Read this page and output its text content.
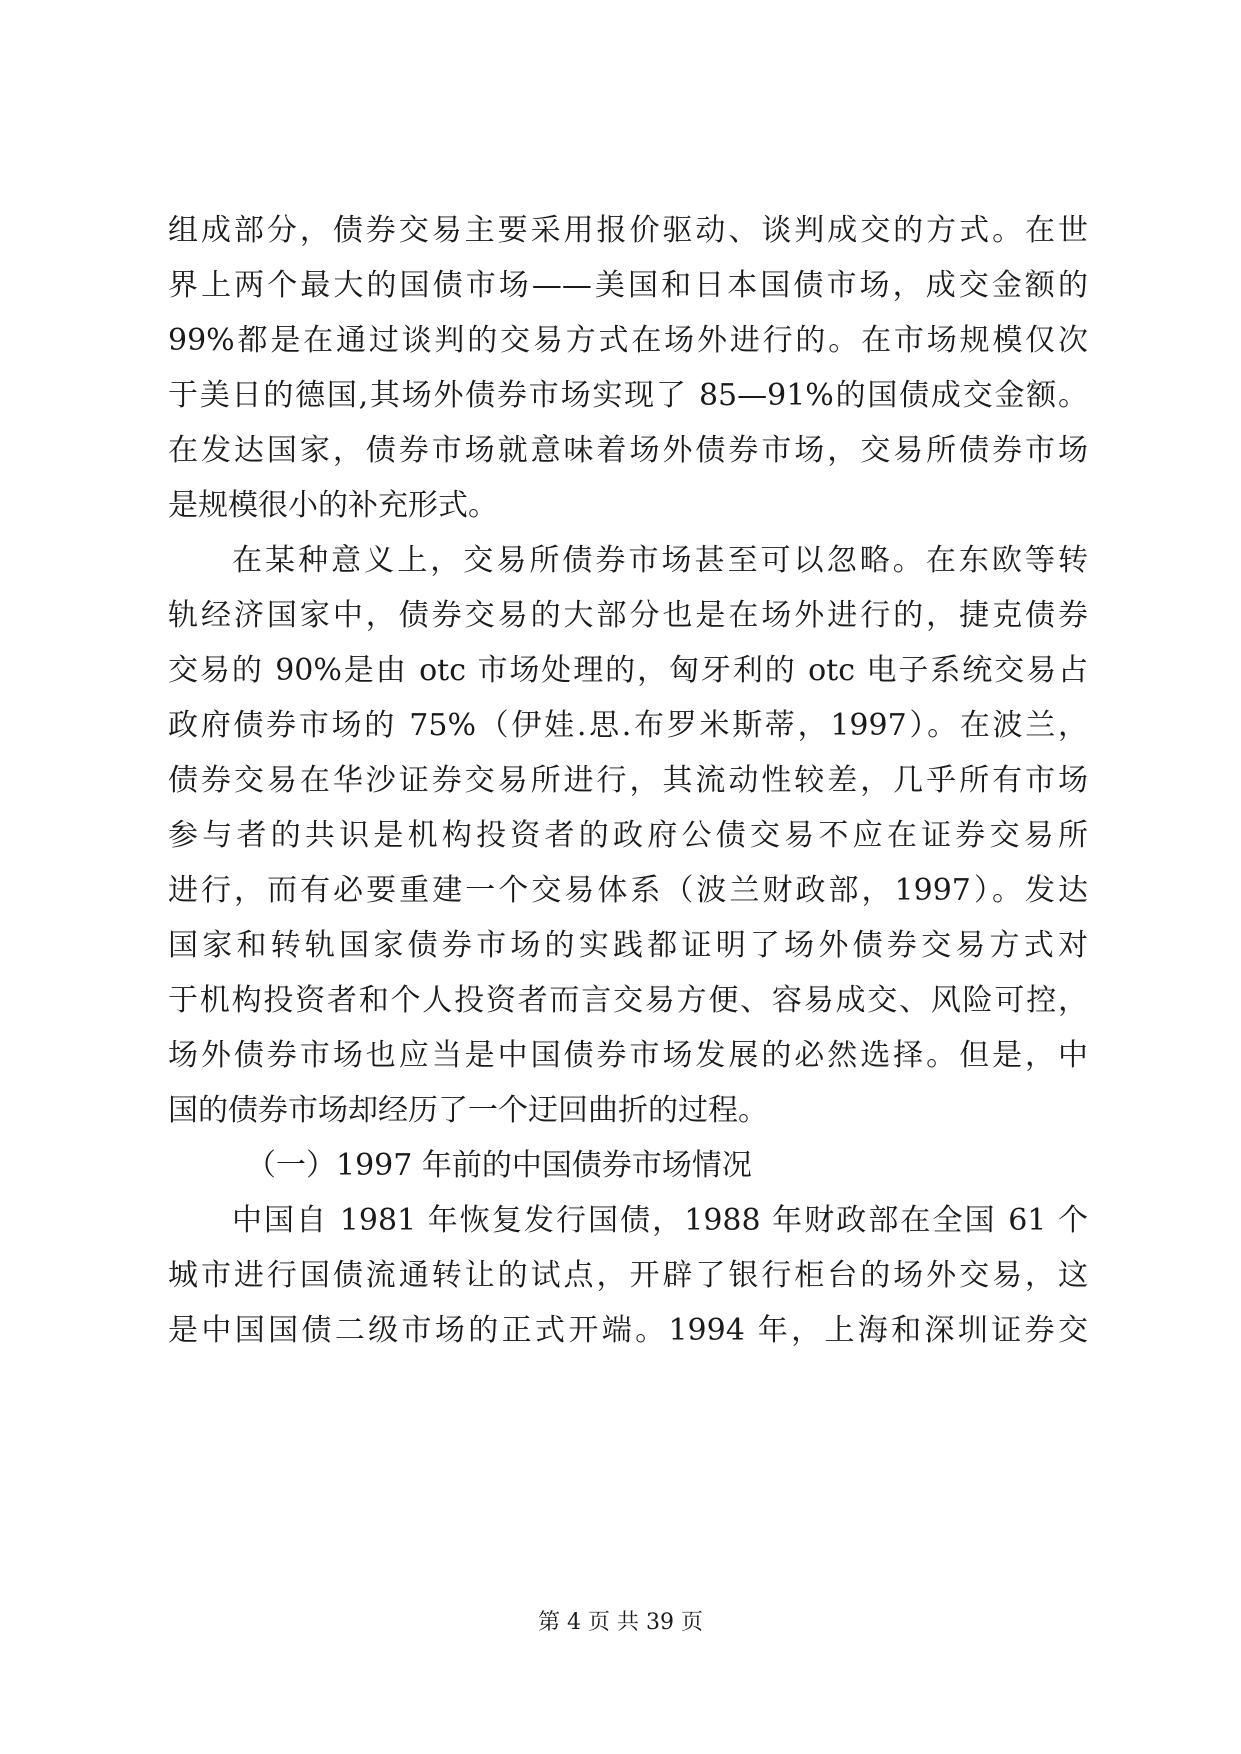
组成部分，债券交易主要采用报价驱动、谈判成交的方式。在世
界上两个最大的国债市场——美国和日本国债市场，成交金额的
99%都是在通过谈判的交易方式在场外进行的。在市场规模仅次
于美日的德国,其场外债券市场实现了 85—91%的国债成交金额。
在发达国家，债券市场就意味着场外债券市场，交易所债券市场
是规模很小的补充形式。
在某种意义上，交易所债券市场甚至可以忽略。在东欧等转
轨经济国家中，债券交易的大部分也是在场外进行的，捷克债券
交易的 90%是由 otc 市场处理的，匈牙利的 otc 电子系统交易占
政府债券市场的 75%（伊娃.思.布罗米斯蒂，1997）。在波兰，
债券交易在华沙证券交易所进行，其流动性较差，几乎所有市场
参与者的共识是机构投资者的政府公债交易不应在证券交易所
进行，而有必要重建一个交易体系（波兰财政部，1997）。发达
国家和转轨国家债券市场的实践都证明了场外债券交易方式对
于机构投资者和个人投资者而言交易方便、容易成交、风险可控，
场外债券市场也应当是中国债券市场发展的必然选择。但是，中
国的债券市场却经历了一个迂回曲折的过程。
（一）1997 年前的中国债券市场情况
中国自 1981 年恢复发行国债，1988 年财政部在全国 61 个
城市进行国债流通转让的试点，开辟了银行柜台的场外交易，这
是中国国债二级市场的正式开端。1994 年，上海和深圳证券交
第 4 页 共 39 页
